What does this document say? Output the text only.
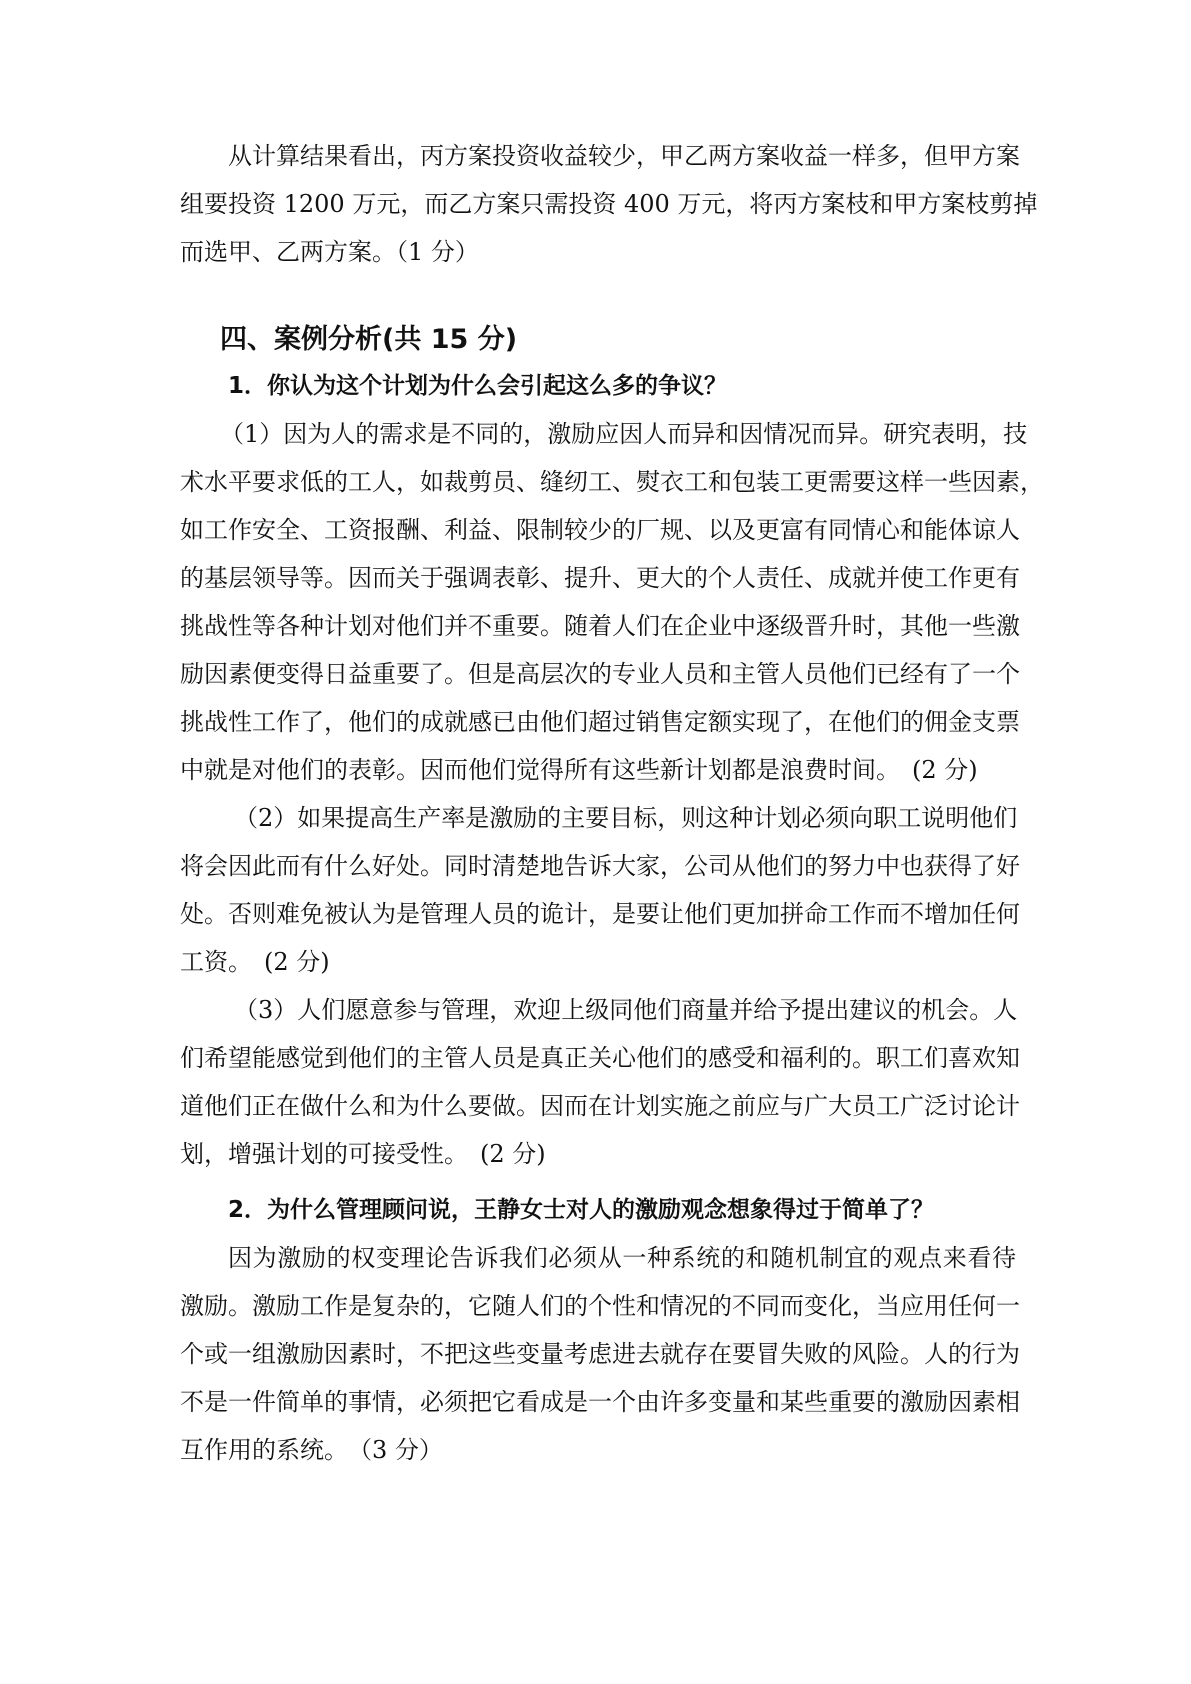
从计算结果看出，丙方案投资收益较少，甲乙两方案收益一样多，但甲方案
组要投资 1200 万元，而乙方案只需投资 400 万元，将丙方案枝和甲方案枝剪掉
而选甲、乙两方案。（1 分）
四、案例分析(共 15 分)
1．你认为这个计划为什么会引起这么多的争议？
（1）因为人的需求是不同的，激励应因人而异和因情况而异。研究表明，技
术水平要求低的工人，如裁剪员、缝纫工、熨衣工和包装工更需要这样一些因素，
如工作安全、工资报酬、利益、限制较少的厂规、以及更富有同情心和能体谅人
的基层领导等。因而关于强调表彰、提升、更大的个人责任、成就并使工作更有
挑战性等各种计划对他们并不重要。随着人们在企业中逐级晋升时，其他一些激
励因素便变得日益重要了。但是高层次的专业人员和主管人员他们已经有了一个
挑战性工作了，他们的成就感已由他们超过销售定额实现了，在他们的佣金支票
中就是对他们的表彰。因而他们觉得所有这些新计划都是浪费时间。　(2 分)
（2）如果提高生产率是激励的主要目标，则这种计划必须向职工说明他们
将会因此而有什么好处。同时清楚地告诉大家，公司从他们的努力中也获得了好
处。否则难免被认为是管理人员的诡计，是要让他们更加拼命工作而不增加任何
工资。　(2 分)
（3）人们愿意参与管理，欢迎上级同他们商量并给予提出建议的机会。人
们希望能感觉到他们的主管人员是真正关心他们的感受和福利的。职工们喜欢知
道他们正在做什么和为什么要做。因而在计划实施之前应与广大员工广泛讨论计
划，增强计划的可接受性。　(2 分)
2．为什么管理顾问说，王静女士对人的激励观念想象得过于简单了？
因为激励的权变理论告诉我们必须从一种系统的和随机制宜的观点来看待
激励。激励工作是复杂的，它随人们的个性和情况的不同而变化，当应用任何一
个或一组激励因素时，不把这些变量考虑进去就存在要冒失败的风险。人的行为
不是一件简单的事情，必须把它看成是一个由许多变量和某些重要的激励因素相
互作用的系统。　（3 分）
